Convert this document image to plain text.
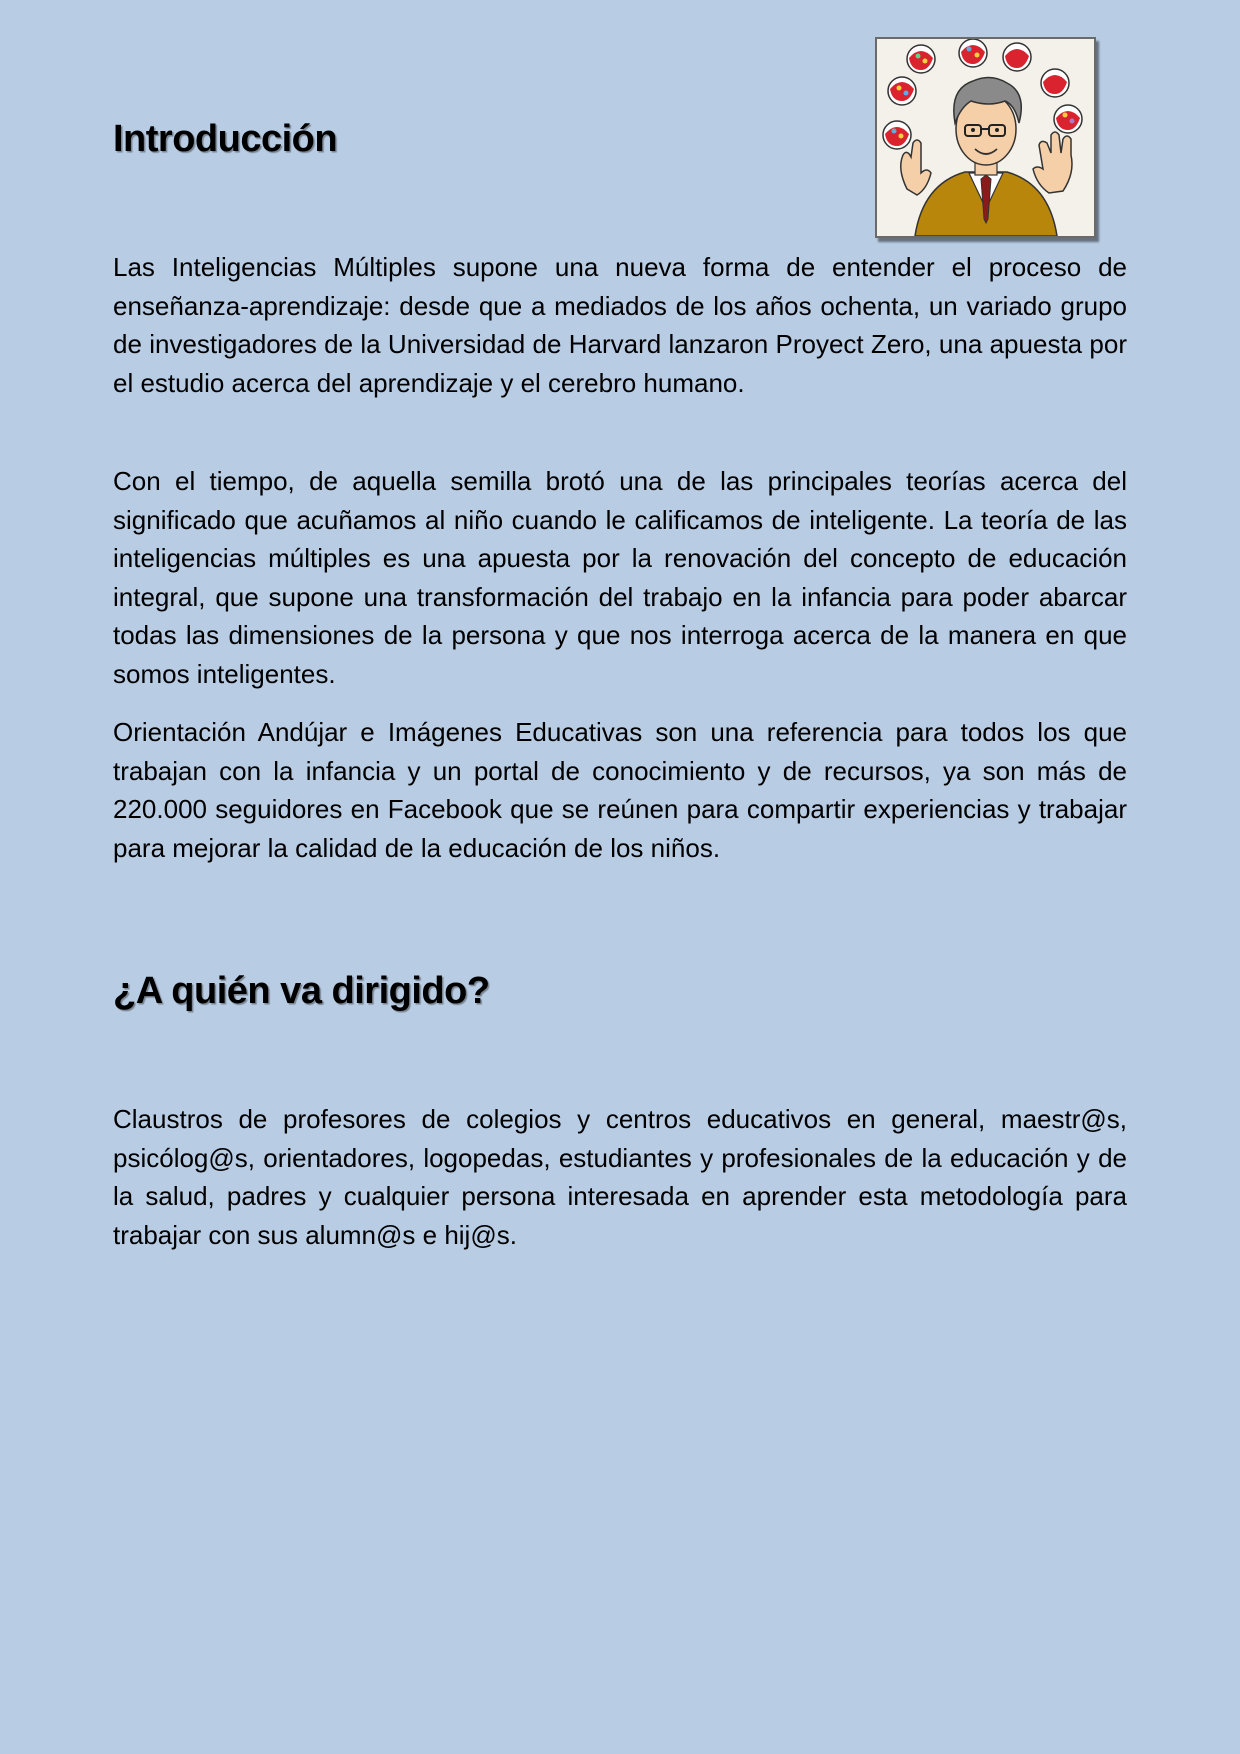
Introducción

Las Inteligencias Múltiples supone una nueva forma de entender el proceso de enseñanza-aprendizaje: desde que a mediados de los años ochenta, un variado grupo de investigadores de la Universidad de Harvard lanzaron Proyect Zero, una apuesta por el estudio acerca del aprendizaje y el cerebro humano.

Con el tiempo, de aquella semilla brotó una de las principales teorías acerca del significado que acuñamos al niño cuando le calificamos de inteligente. La teoría de las inteligencias múltiples es una apuesta por la renovación del concepto de educación integral, que supone una transformación del trabajo en la infancia para poder abarcar todas las dimensiones de la persona y que nos interroga acerca de la manera en que somos inteligentes.

Orientación Andújar e Imágenes Educativas son una referencia para todos los que trabajan con la infancia y un portal de conocimiento y de recursos, ya son más de 220.000 seguidores en Facebook que se reúnen para compartir experiencias y trabajar para mejorar la calidad de la educación de los niños.

¿A quién va dirigido?

Claustros de profesores de colegios y centros educativos en general, maestr@s, psicólog@s, orientadores, logopedas, estudiantes y profesionales de la educación y de la salud, padres y cualquier persona interesada en aprender esta metodología para trabajar con sus alumn@s e hij@s.
